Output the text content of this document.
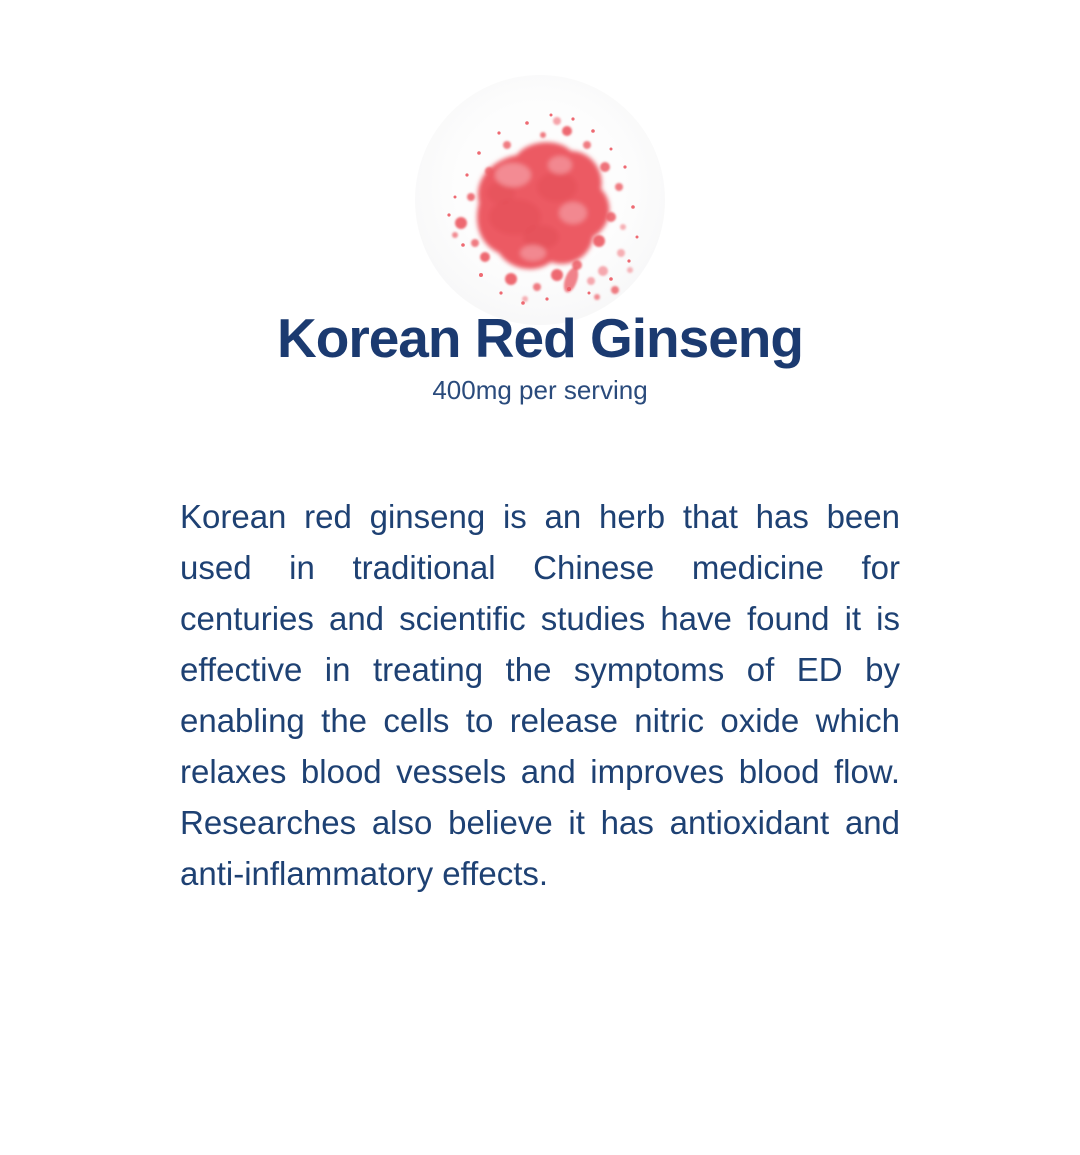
Korean Red Ginseng
400mg per serving

Korean red ginseng is an herb that has been used in traditional Chinese medicine for centuries and scientific studies have found it is effective in treating the symptoms of ED by enabling the cells to release nitric oxide which relaxes blood vessels and improves blood flow. Researches also believe it has antioxidant and anti-inflammatory effects.
